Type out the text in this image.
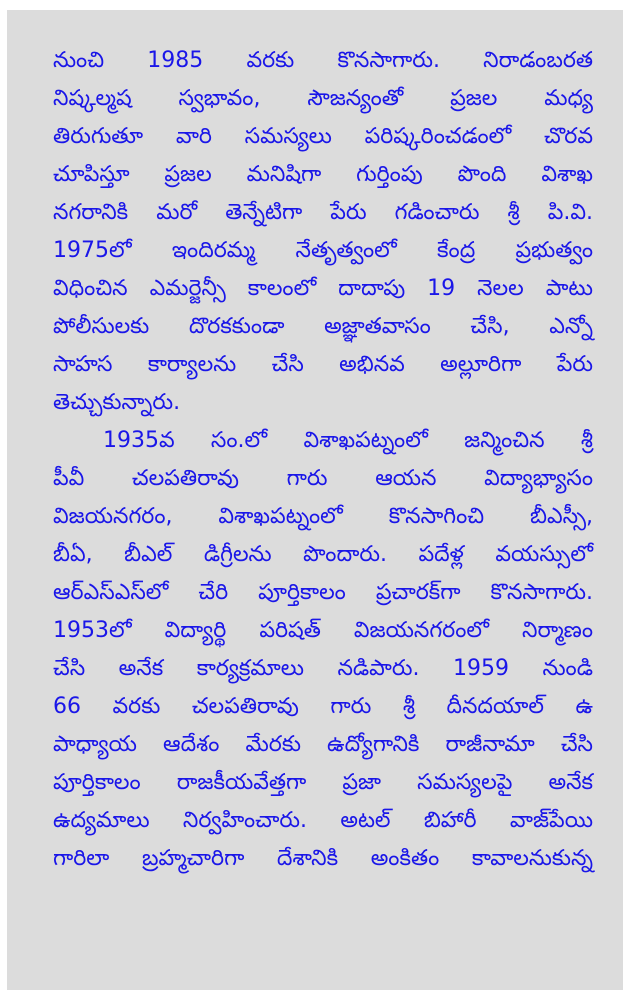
నుంచి 1985 వరకు కొనసాగారు. నిరాడంబరత
నిష్కల్మష స్వభావం, సౌజన్యంతో ప్రజల మధ్య
తిరుగుతూ వారి సమస్యలు పరిష్కరించడంలో చొరవ
చూపిస్తూ ప్రజల మనిషిగా గుర్తింపు పొంది విశాఖ
నగరానికి మరో తెన్నేటిగా పేరు గడించారు శ్రీ పి.వి.
1975లో ఇందిరమ్మ నేతృత్వంలో కేంద్ర ప్రభుత్వం
విధించిన ఎమర్జెన్సీ కాలంలో దాదాపు 19 నెలల పాటు
పోలీసులకు దొరకకుండా అజ్ఞాతవాసం చేసి, ఎన్నో
సాహస కార్యాలను చేసి అభినవ అల్లూరిగా పేరు
తెచ్చుకున్నారు.
1935వ సం.లో విశాఖపట్నంలో జన్మించిన శ్రీ
పీవీ చలపతిరావు గారు ఆయన విద్యాభ్యాసం
విజయనగరం, విశాఖపట్నంలో కొనసాగించి బీఎస్సీ,
బీఏ, బీఎల్ డిగ్రీలను పొందారు. పదేళ్ల వయస్సులో
ఆర్ఎస్ఎస్‌లో చేరి పూర్తికాలం ప్రచారక్‌గా కొనసాగారు.
1953లో విద్యార్థి పరిషత్ విజయనగరంలో నిర్మాణం
చేసి అనేక కార్యక్రమాలు నడిపారు. 1959 నుండి
66 వరకు చలపతిరావు గారు శ్రీ దీనదయాల్ ఉ
పాధ్యాయ ఆదేశం మేరకు ఉద్యోగానికి రాజీనామా చేసి
పూర్తికాలం రాజకీయవేత్తగా ప్రజా సమస్యలపై అనేక
ఉద్యమాలు నిర్వహించారు. అటల్ బిహారీ వాజ్‌పేయి
గారిలా బ్రహ్మచారిగా దేశానికి అంకితం కావాలనుకున్న
